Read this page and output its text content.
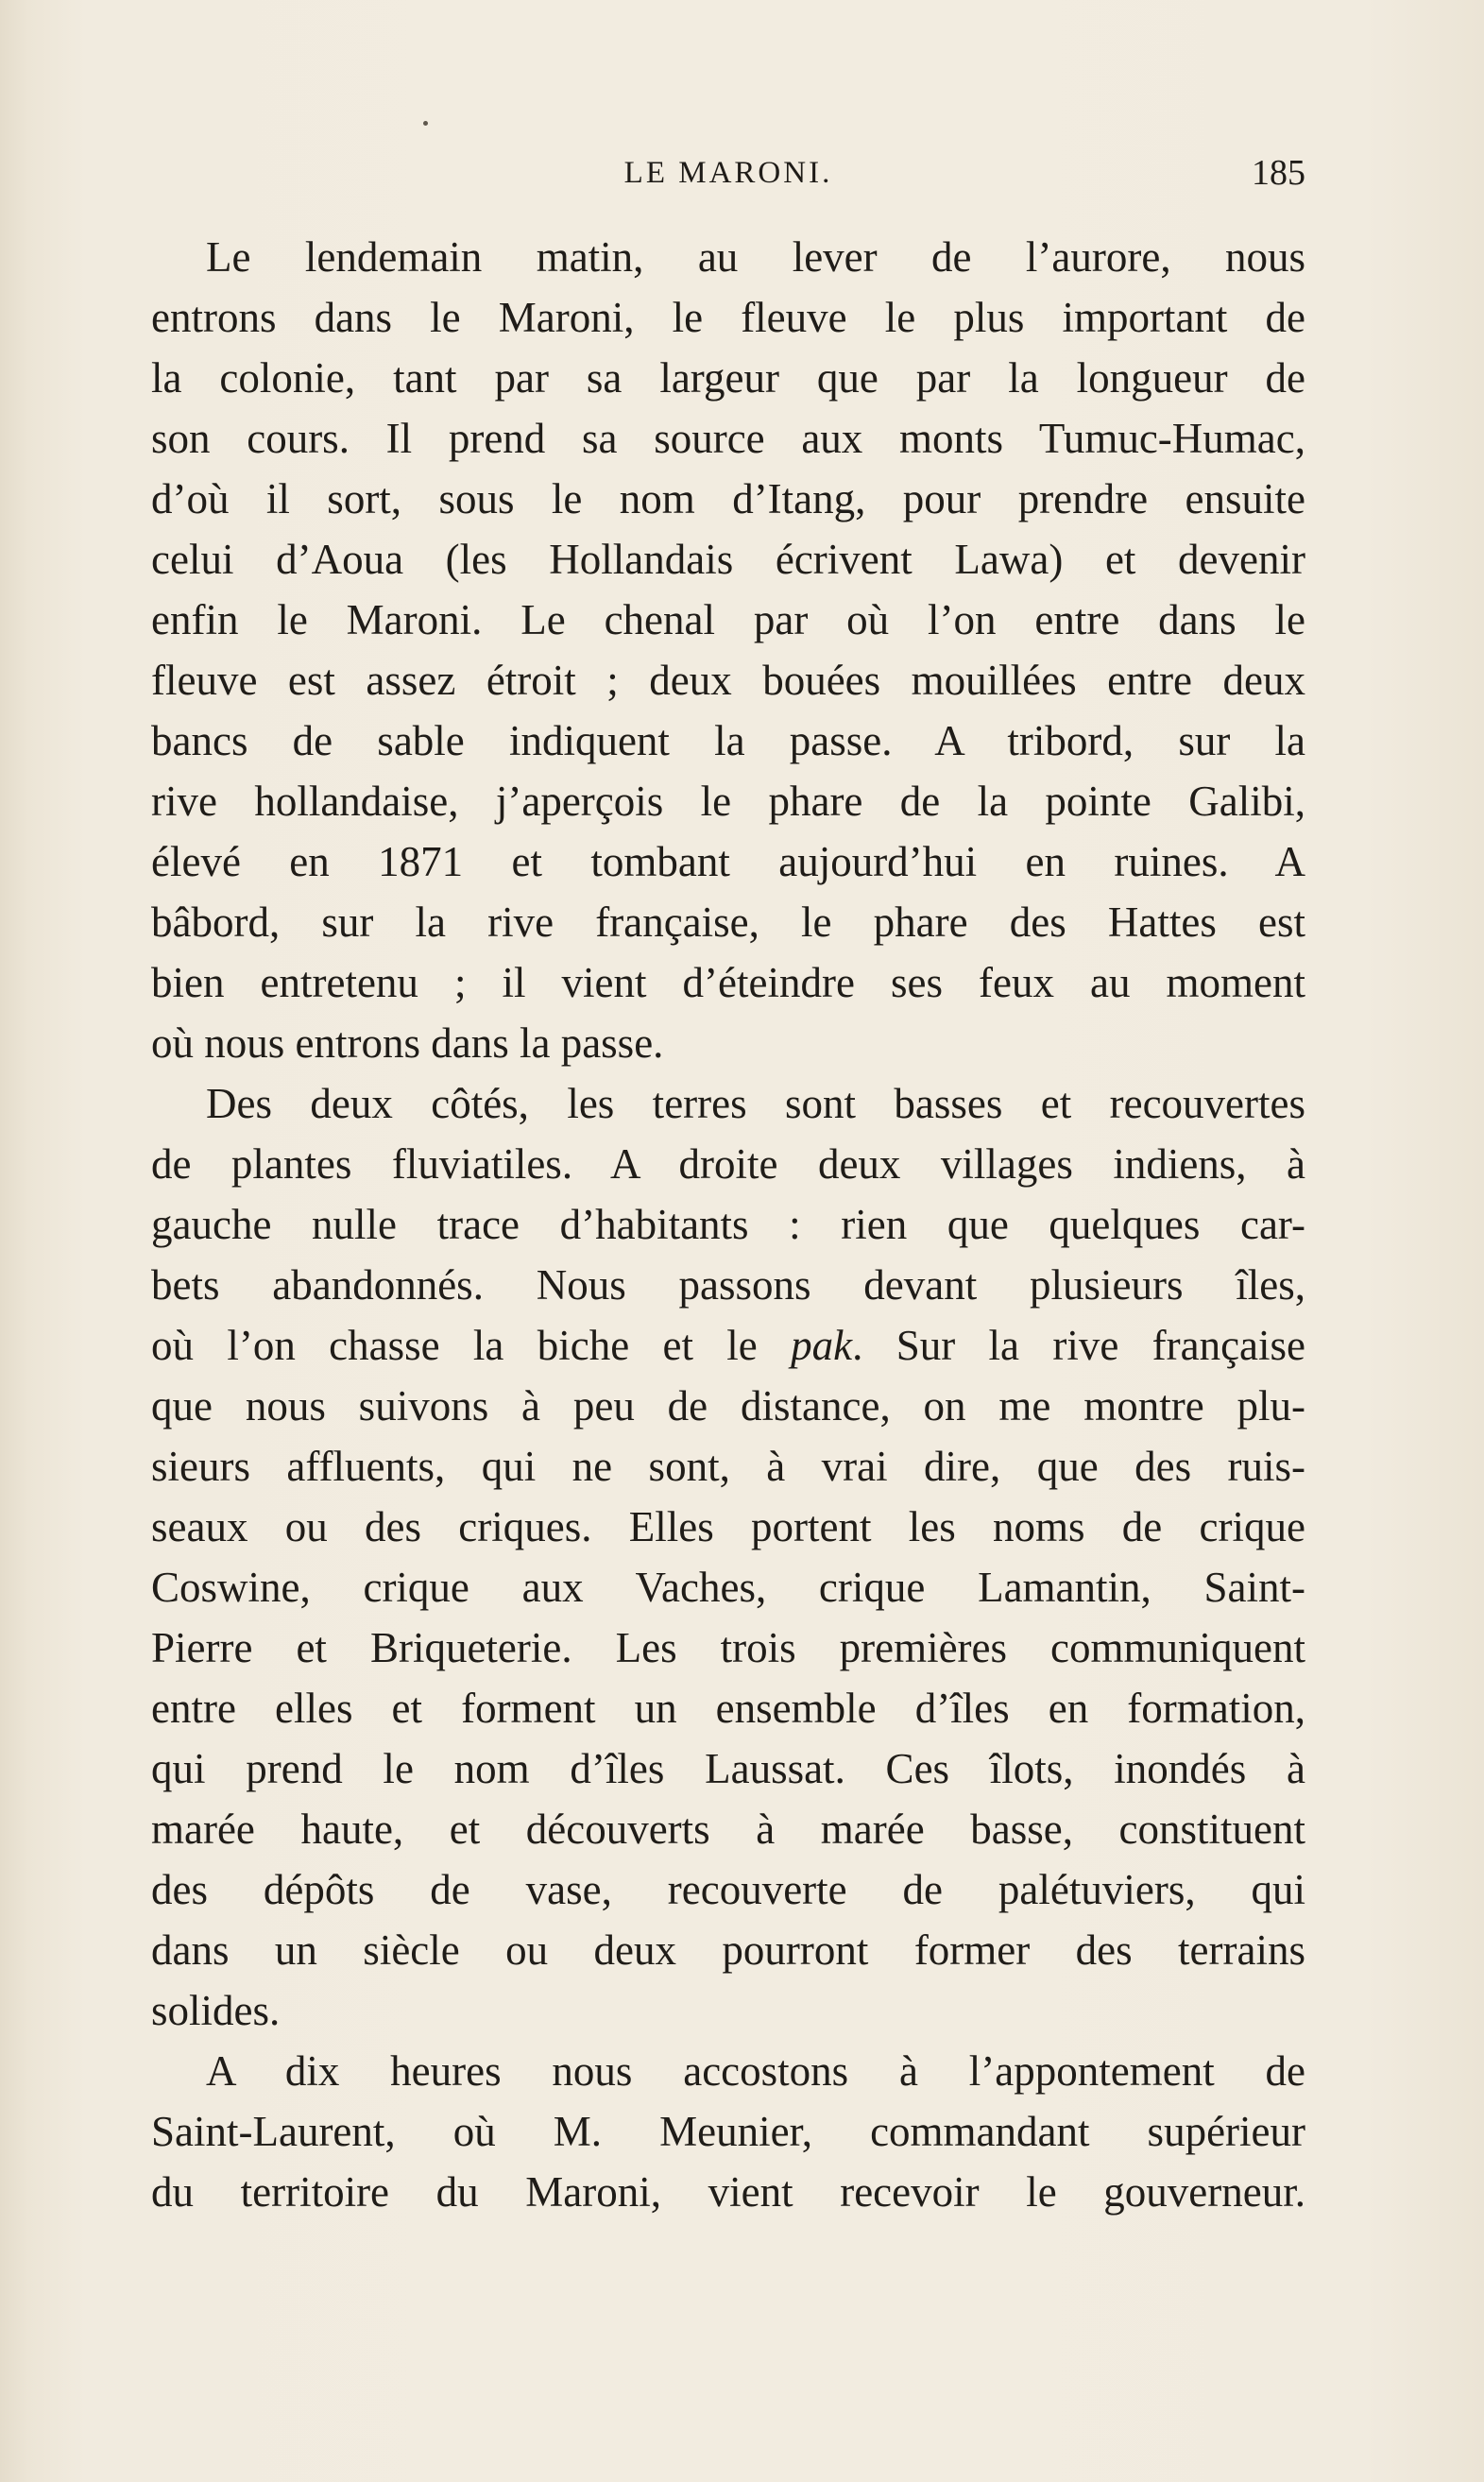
LE MARONI.	185

Le lendemain matin, au lever de l’aurore, nous
entrons dans le Maroni, le fleuve le plus important de
la colonie, tant par sa largeur que par la longueur de
son cours. Il prend sa source aux monts Tumuc-Humac,
d’où il sort, sous le nom d’Itang, pour prendre ensuite
celui d’Aoua (les Hollandais écrivent Lawa) et devenir
enfin le Maroni. Le chenal par où l’on entre dans le
fleuve est assez étroit ; deux bouées mouillées entre deux
bancs de sable indiquent la passe. A tribord, sur la
rive hollandaise, j’aperçois le phare de la pointe Galibi,
élevé en 1871 et tombant aujourd’hui en ruines. A
bâbord, sur la rive française, le phare des Hattes est
bien entretenu ; il vient d’éteindre ses feux au moment
où nous entrons dans la passe.

Des deux côtés, les terres sont basses et recouvertes
de plantes fluviatiles. A droite deux villages indiens, à
gauche nulle trace d’habitants : rien que quelques car-
bets abandonnés. Nous passons devant plusieurs îles,
où l’on chasse la biche et le pak. Sur la rive française
que nous suivons à peu de distance, on me montre plu-
sieurs affluents, qui ne sont, à vrai dire, que des ruis-
seaux ou des criques. Elles portent les noms de crique
Coswine, crique aux Vaches, crique Lamantin, Saint-
Pierre et Briqueterie. Les trois premières communiquent
entre elles et forment un ensemble d’îles en formation,
qui prend le nom d’îles Laussat. Ces îlots, inondés à
marée haute, et découverts à marée basse, constituent
des dépôts de vase, recouverte de palétuviers, qui
dans un siècle ou deux pourront former des terrains
solides.

A dix heures nous accostons à l’appontement de
Saint-Laurent, où M. Meunier, commandant supérieur
du territoire du Maroni, vient recevoir le gouverneur.
